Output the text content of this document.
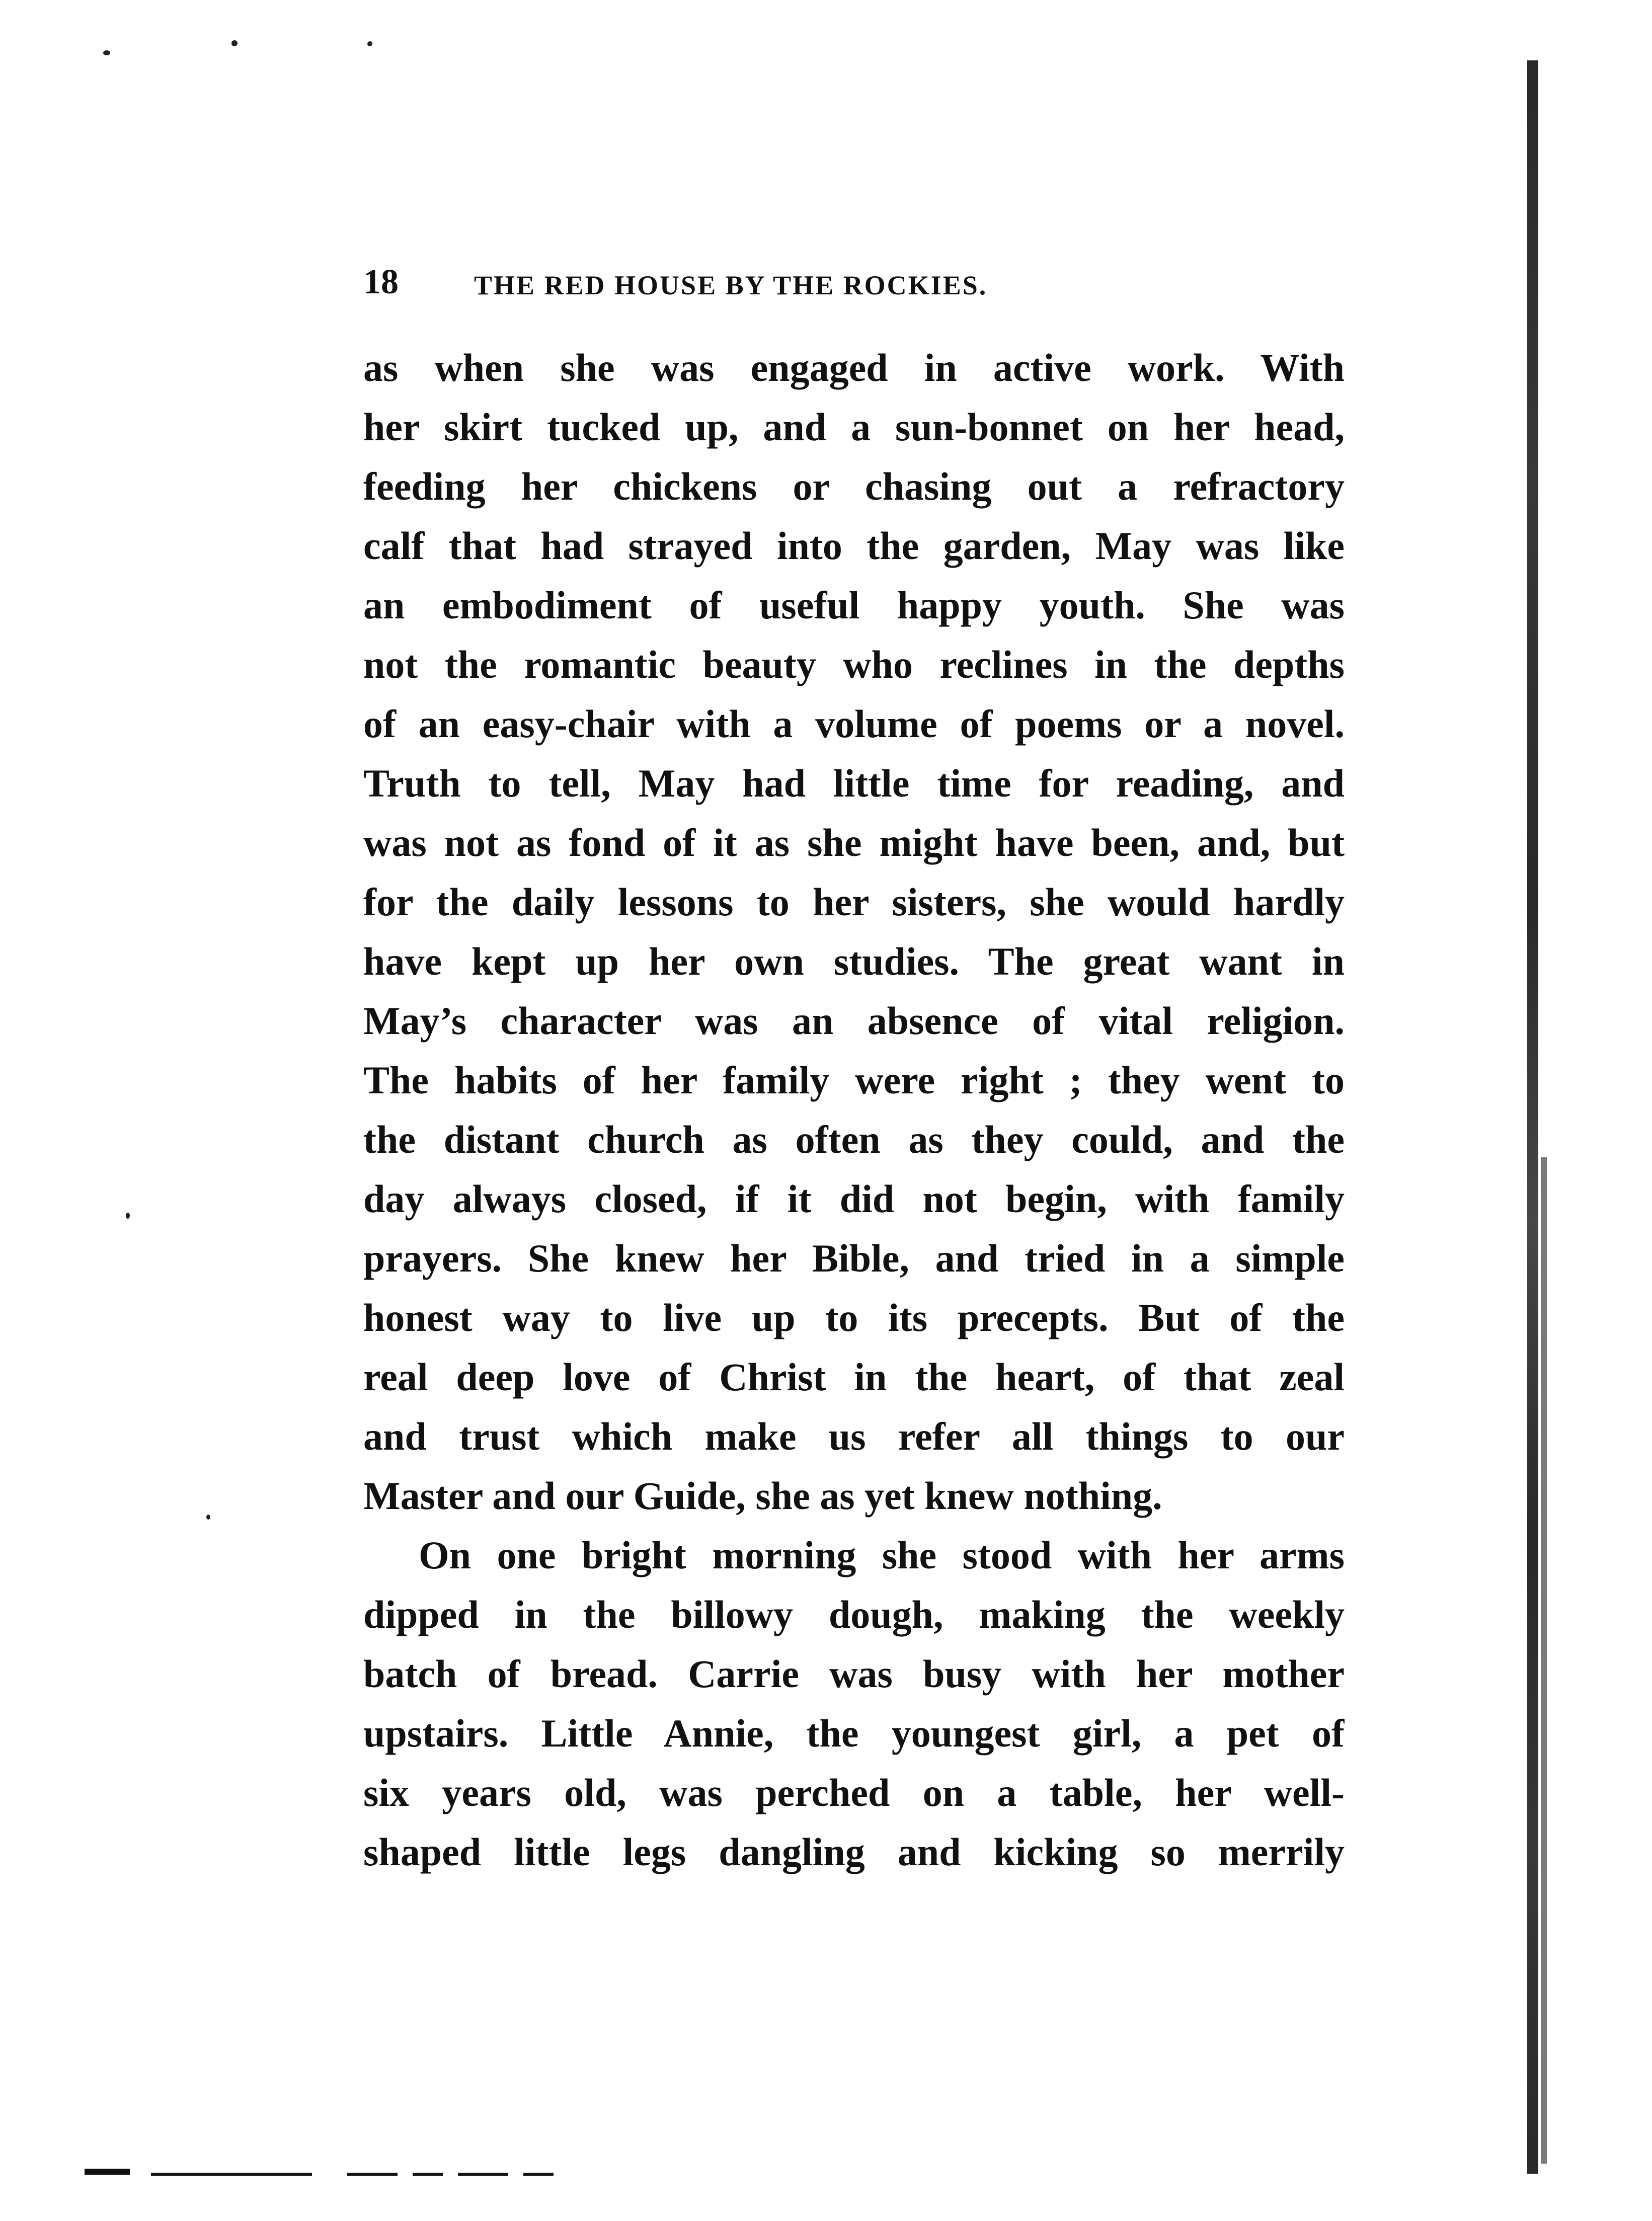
18	THE RED HOUSE BY THE ROCKIES.
as when she was engaged in active work. With
her skirt tucked up, and a sun-bonnet on her head,
feeding her chickens or chasing out a refractory
calf that had strayed into the garden, May was like
an embodiment of useful happy youth. She was
not the romantic beauty who reclines in the depths
of an easy-chair with a volume of poems or a novel.
Truth to tell, May had little time for reading, and
was not as fond of it as she might have been, and, but
for the daily lessons to her sisters, she would hardly
have kept up her own studies. The great want in
May’s character was an absence of vital religion.
The habits of her family were right ; they went to
the distant church as often as they could, and the
day always closed, if it did not begin, with family
prayers. She knew her Bible, and tried in a simple
honest way to live up to its precepts. But of the
real deep love of Christ in the heart, of that zeal
and trust which make us refer all things to our
Master and our Guide, she as yet knew nothing.
On one bright morning she stood with her arms
dipped in the billowy dough, making the weekly
batch of bread. Carrie was busy with her mother
upstairs. Little Annie, the youngest girl, a pet of
six years old, was perched on a table, her well-
shaped little legs dangling and kicking so merrily
